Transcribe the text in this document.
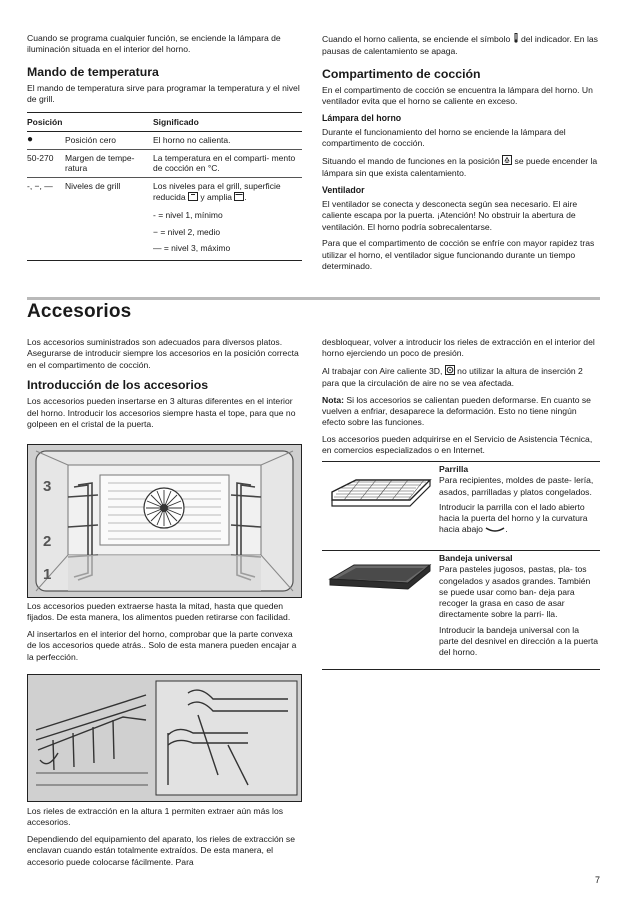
Cuando se programa cualquier función, se enciende la lámpara de iluminación situada en el interior del horno.

Mando de temperatura

El mando de temperatura sirve para programar la temperatura y el nivel de grill.

Posición		Significado
●	Posición cero	El horno no calienta.
50-270	Margen de tempe- ratura	La temperatura en el comparti- mento de cocción en °C.
-, −, —	Niveles de grill	Los niveles para el grill, superficie reducida y amplia .
- = nivel 1, mínimo
− = nivel 2, medio
— = nivel 3, máximo

Cuando el horno calienta, se enciende el símbolo del indicador. En las pausas de calentamiento se apaga.

Compartimento de cocción

En el compartimento de cocción se encuentra la lámpara del horno. Un ventilador evita que el horno se caliente en exceso.

Lámpara del horno

Durante el funcionamiento del horno se enciende la lámpara del compartimento de cocción.

Situando el mando de funciones en la posición se puede encender la lámpara sin que exista calentamiento.

Ventilador

El ventilador se conecta y desconecta según sea necesario. El aire caliente escapa por la puerta. ¡Atención! No obstruir la abertura de ventilación. El horno podría sobrecalentarse.

Para que el compartimento de cocción se enfríe con mayor rapidez tras utilizar el horno, el ventilador sigue funcionando durante un tiempo determinado.

Accesorios

Los accesorios suministrados son adecuados para diversos platos. Asegurarse de introducir siempre los accesorios en la posición correcta en el compartimento de cocción.

Introducción de los accesorios

Los accesorios pueden insertarse en 3 alturas diferentes en el interior del horno. Introducir los accesorios siempre hasta el tope, para que no golpeen en el cristal de la puerta.

3
2
1

Los accesorios pueden extraerse hasta la mitad, hasta que queden fijados. De esta manera, los alimentos pueden retirarse con facilidad.

Al insertarlos en el interior del horno, comprobar que la parte convexa de los accesorios quede atrás.. Solo de esta manera pueden encajar a la perfección.

Los rieles de extracción en la altura 1 permiten extraer aún más los accesorios.

Dependiendo del equipamiento del aparato, los rieles de extracción se enclavan cuando están totalmente extraídos. De esta manera, el accesorio puede colocarse fácilmente. Para

desbloquear, volver a introducir los rieles de extracción en el interior del horno ejerciendo un poco de presión.

Al trabajar con Aire caliente 3D, no utilizar la altura de inserción 2 para que la circulación de aire no se vea afectada.

Nota: Si los accesorios se calientan pueden deformarse. En cuanto se vuelven a enfriar, desaparece la deformación. Esto no tiene ningún efecto sobre las funciones.

Los accesorios pueden adquirirse en el Servicio de Asistencia Técnica, en comercios especializados o en Internet.

Parrilla

Para recipientes, moldes de paste- lería, asados, parrilladas y platos congelados.

Introducir la parrilla con el lado abierto hacia la puerta del horno y la curvatura hacia abajo	.

Bandeja universal

Para pasteles jugosos, pastas, pla- tos congelados y asados grandes. También se puede usar como ban- deja para recoger la grasa en caso de asar directamente sobre la parri- lla.

Introducir la bandeja universal con la parte del desnivel en dirección a la puerta del horno.

7
